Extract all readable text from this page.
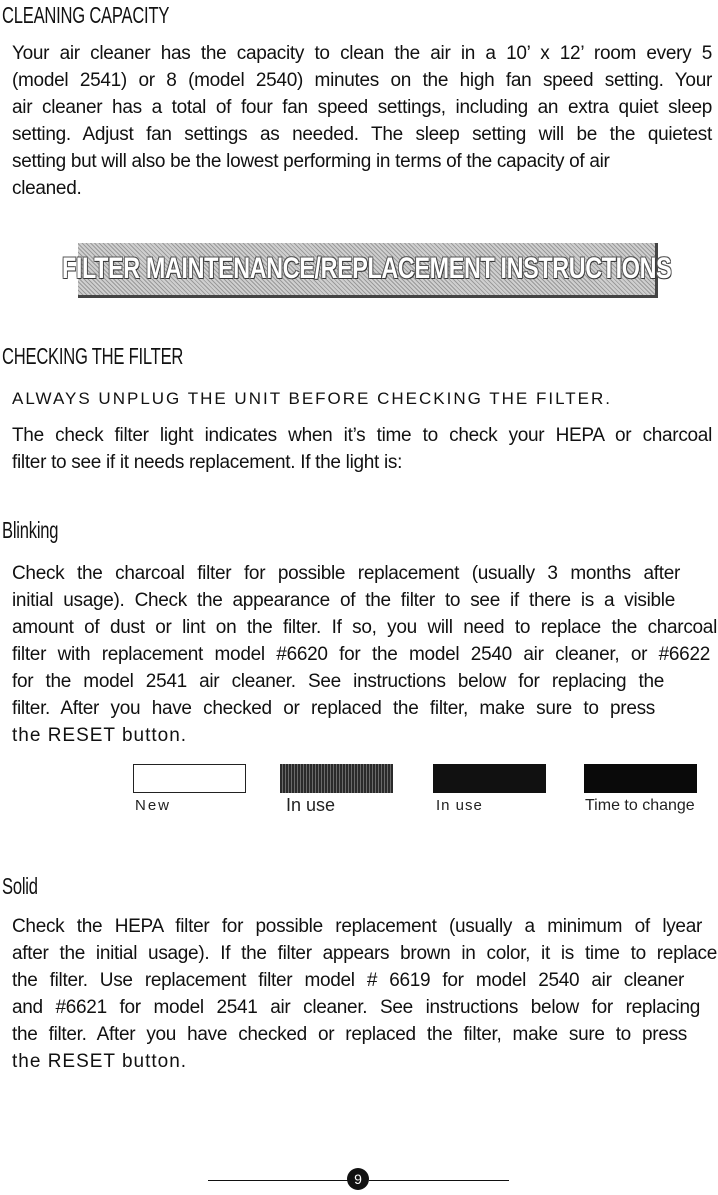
CLEANING CAPACITY
Your air cleaner has the capacity to clean the air in a 10’ x 12’ room every 5
(model 2541) or 8 (model 2540) minutes on the high fan speed setting. Your
air cleaner has a total of four fan speed settings, including an extra quiet sleep
setting. Adjust fan settings as needed. The sleep setting will be the quietest
setting but will also be the lowest performing in terms of the capacity of air
cleaned.
FILTER MAINTENANCE/REPLACEMENT INSTRUCTIONS
CHECKING THE FILTER
ALWAYS UNPLUG THE UNIT BEFORE CHECKING THE FILTER.
The check filter light indicates when it’s time to check your HEPA or charcoal
filter to see if it needs replacement. If the light is:
Blinking
Check the charcoal filter for possible replacement (usually 3 months after
initial usage). Check the appearance of the filter to see if there is a visible
amount of dust or lint on the filter. If so, you will need to replace the charcoal
filter with replacement model #6620 for the model 2540 air cleaner, or #6622
for the model 2541 air cleaner. See instructions below for replacing the
filter. After you have checked or replaced the filter, make sure to press
the RESET button.
New	In use	In use	Time to change
Solid
Check the HEPA filter for possible replacement (usually a minimum of lyear
after the initial usage). If the filter appears brown in color, it is time to replace
the filter. Use replacement filter model # 6619 for model 2540 air cleaner
and #6621 for model 2541 air cleaner. See instructions below for replacing
the filter. After you have checked or replaced the filter, make sure to press
the RESET button.
9
